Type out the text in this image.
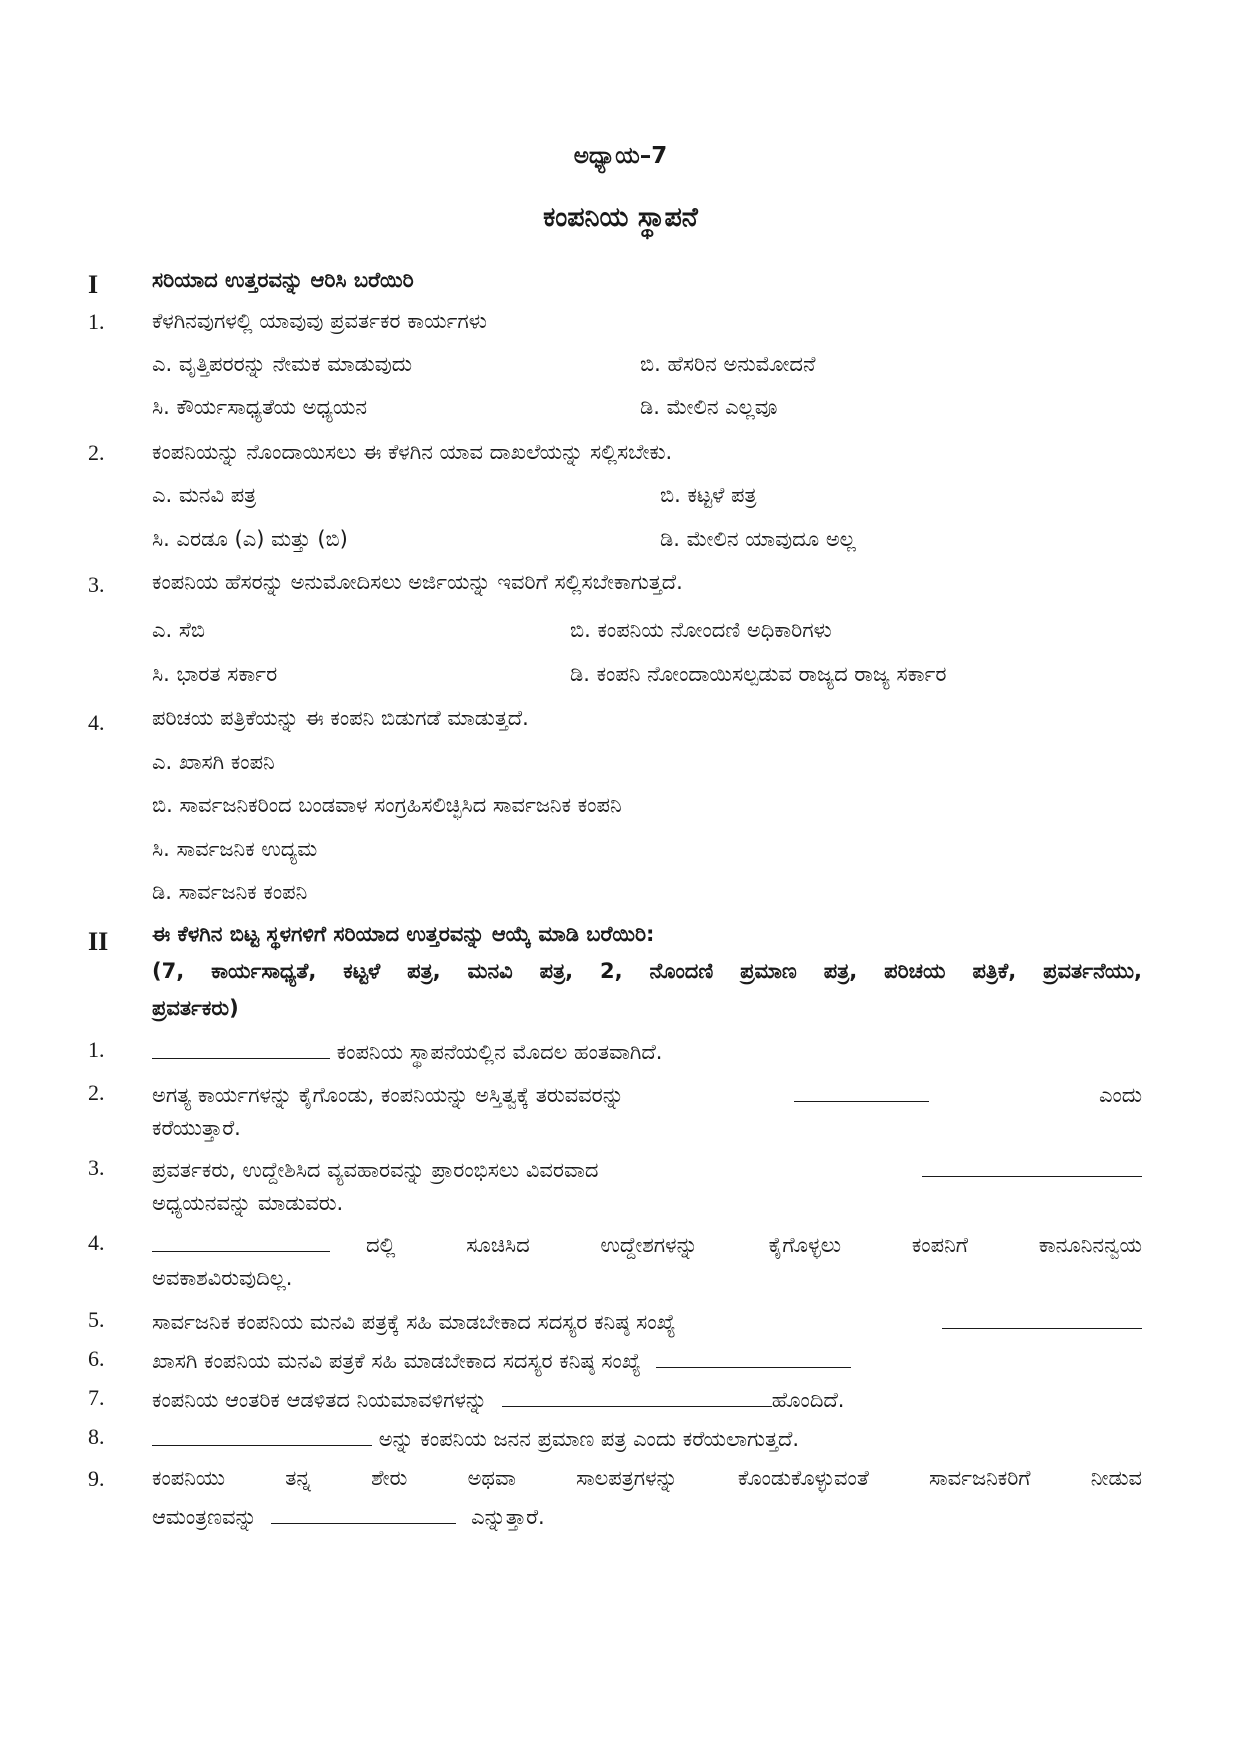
ಅಧ್ಯಾಯ–7
ಕಂಪನಿಯ ಸ್ಥಾಪನೆ
I	ಸರಿಯಾದ ಉತ್ತರವನ್ನು ಆರಿಸಿ ಬರೆಯಿರಿ
1. ಕೆಳಗಿನವುಗಳಲ್ಲಿ ಯಾವುವು ಪ್ರವರ್ತಕರ ಕಾರ್ಯಗಳು
ಎ. ವೃತ್ತಿಪರರನ್ನು ನೇಮಕ ಮಾಡುವುದು	ಬಿ. ಹೆಸರಿನ ಅನುಮೋದನೆ
ಸಿ. ಕೌರ್ಯಸಾಧ್ಯತೆಯ ಅಧ್ಯಯನ	ಡಿ. ಮೇಲಿನ ಎಲ್ಲವೂ
2. ಕಂಪನಿಯನ್ನು ನೊಂದಾಯಿಸಲು ಈ ಕೆಳಗಿನ ಯಾವ ದಾಖಲೆಯನ್ನು ಸಲ್ಲಿಸಬೇಕು.
ಎ. ಮನವಿ ಪತ್ರ	ಬಿ. ಕಟ್ಟಳೆ ಪತ್ರ
ಸಿ. ಎರಡೂ (ಎ) ಮತ್ತು (ಬಿ)	ಡಿ. ಮೇಲಿನ ಯಾವುದೂ ಅಲ್ಲ
3. ಕಂಪನಿಯ ಹೆಸರನ್ನು ಅನುಮೋದಿಸಲು ಅರ್ಜಿಯನ್ನು ಇವರಿಗೆ ಸಲ್ಲಿಸಬೇಕಾಗುತ್ತದೆ.
ಎ. ಸೆಬಿ	ಬಿ. ಕಂಪನಿಯ ನೋಂದಣಿ ಅಧಿಕಾರಿಗಳು
ಸಿ. ಭಾರತ ಸರ್ಕಾರ	ಡಿ. ಕಂಪನಿ ನೋಂದಾಯಿಸಲ್ಪಡುವ ರಾಜ್ಯದ ರಾಜ್ಯ ಸರ್ಕಾರ
4. ಪರಿಚಯ ಪತ್ರಿಕೆಯನ್ನು ಈ ಕಂಪನಿ ಬಿಡುಗಡೆ ಮಾಡುತ್ತದೆ.
ಎ. ಖಾಸಗಿ ಕಂಪನಿ
ಬಿ. ಸಾರ್ವಜನಿಕರಿಂದ ಬಂಡವಾಳ ಸಂಗ್ರಹಿಸಲಿಚ್ಛಿಸಿದ ಸಾರ್ವಜನಿಕ ಕಂಪನಿ
ಸಿ. ಸಾರ್ವಜನಿಕ ಉದ್ಯಮ
ಡಿ. ಸಾರ್ವಜನಿಕ ಕಂಪನಿ
II ಈ ಕೆಳಗಿನ ಬಿಟ್ಟ ಸ್ಥಳಗಳಿಗೆ ಸರಿಯಾದ ಉತ್ತರವನ್ನು ಆಯ್ಕೆ ಮಾಡಿ ಬರೆಯಿರಿ:
(7, ಕಾರ್ಯಸಾಧ್ಯತೆ, ಕಟ್ಟಳೆ ಪತ್ರ, ಮನವಿ ಪತ್ರ, 2, ನೊಂದಣಿ ಪ್ರಮಾಣ ಪತ್ರ, ಪರಿಚಯ ಪತ್ರಿಕೆ, ಪ್ರವರ್ತನೆಯು,
ಪ್ರವರ್ತಕರು)
1.	ಕಂಪನಿಯ ಸ್ಥಾಪನೆಯಲ್ಲಿನ ಮೊದಲ ಹಂತವಾಗಿದೆ.
2. ಅಗತ್ಯ ಕಾರ್ಯಗಳನ್ನು ಕೈಗೊಂಡು, ಕಂಪನಿಯನ್ನು ಅಸ್ತಿತ್ವಕ್ಕೆ ತರುವವರನ್ನು	ಎಂದು
ಕರೆಯುತ್ತಾರೆ.
3. ಪ್ರವರ್ತಕರು, ಉದ್ದೇಶಿಸಿದ ವ್ಯವಹಾರವನ್ನು ಪ್ರಾರಂಭಿಸಲು ವಿವರವಾದ
ಅಧ್ಯಯನವನ್ನು ಮಾಡುವರು.
4.	ದಲ್ಲಿ ಸೂಚಿಸಿದ ಉದ್ದೇಶಗಳನ್ನು ಕೈಗೊಳ್ಳಲು ಕಂಪನಿಗೆ ಕಾನೂನಿನನ್ವಯ
ಅವಕಾಶವಿರುವುದಿಲ್ಲ.
5. ಸಾರ್ವಜನಿಕ ಕಂಪನಿಯ ಮನವಿ ಪತ್ರಕ್ಕೆ ಸಹಿ ಮಾಡಬೇಕಾದ ಸದಸ್ಯರ ಕನಿಷ್ಠ ಸಂಖ್ಯೆ
6. ಖಾಸಗಿ ಕಂಪನಿಯ ಮನವಿ ಪತ್ರಕೆ ಸಹಿ ಮಾಡಬೇಕಾದ ಸದಸ್ಯರ ಕನಿಷ್ಠ ಸಂಖ್ಯೆ
7. ಕಂಪನಿಯ ಆಂತರಿಕ ಆಡಳಿತದ ನಿಯಮಾವಳಿಗಳನ್ನು	ಹೊಂದಿದೆ.
8.	ಅನ್ನು ಕಂಪನಿಯ ಜನನ ಪ್ರಮಾಣ ಪತ್ರ ಎಂದು ಕರೆಯಲಾಗುತ್ತದೆ.
9. ಕಂಪನಿಯು ತನ್ನ ಶೇರು ಅಥವಾ ಸಾಲಪತ್ರಗಳನ್ನು ಕೊಂಡುಕೊಳ್ಳುವಂತೆ ಸಾರ್ವಜನಿಕರಿಗೆ ನೀಡುವ
ಆಮಂತ್ರಣವನ್ನು	ಎನ್ನುತ್ತಾರೆ.
